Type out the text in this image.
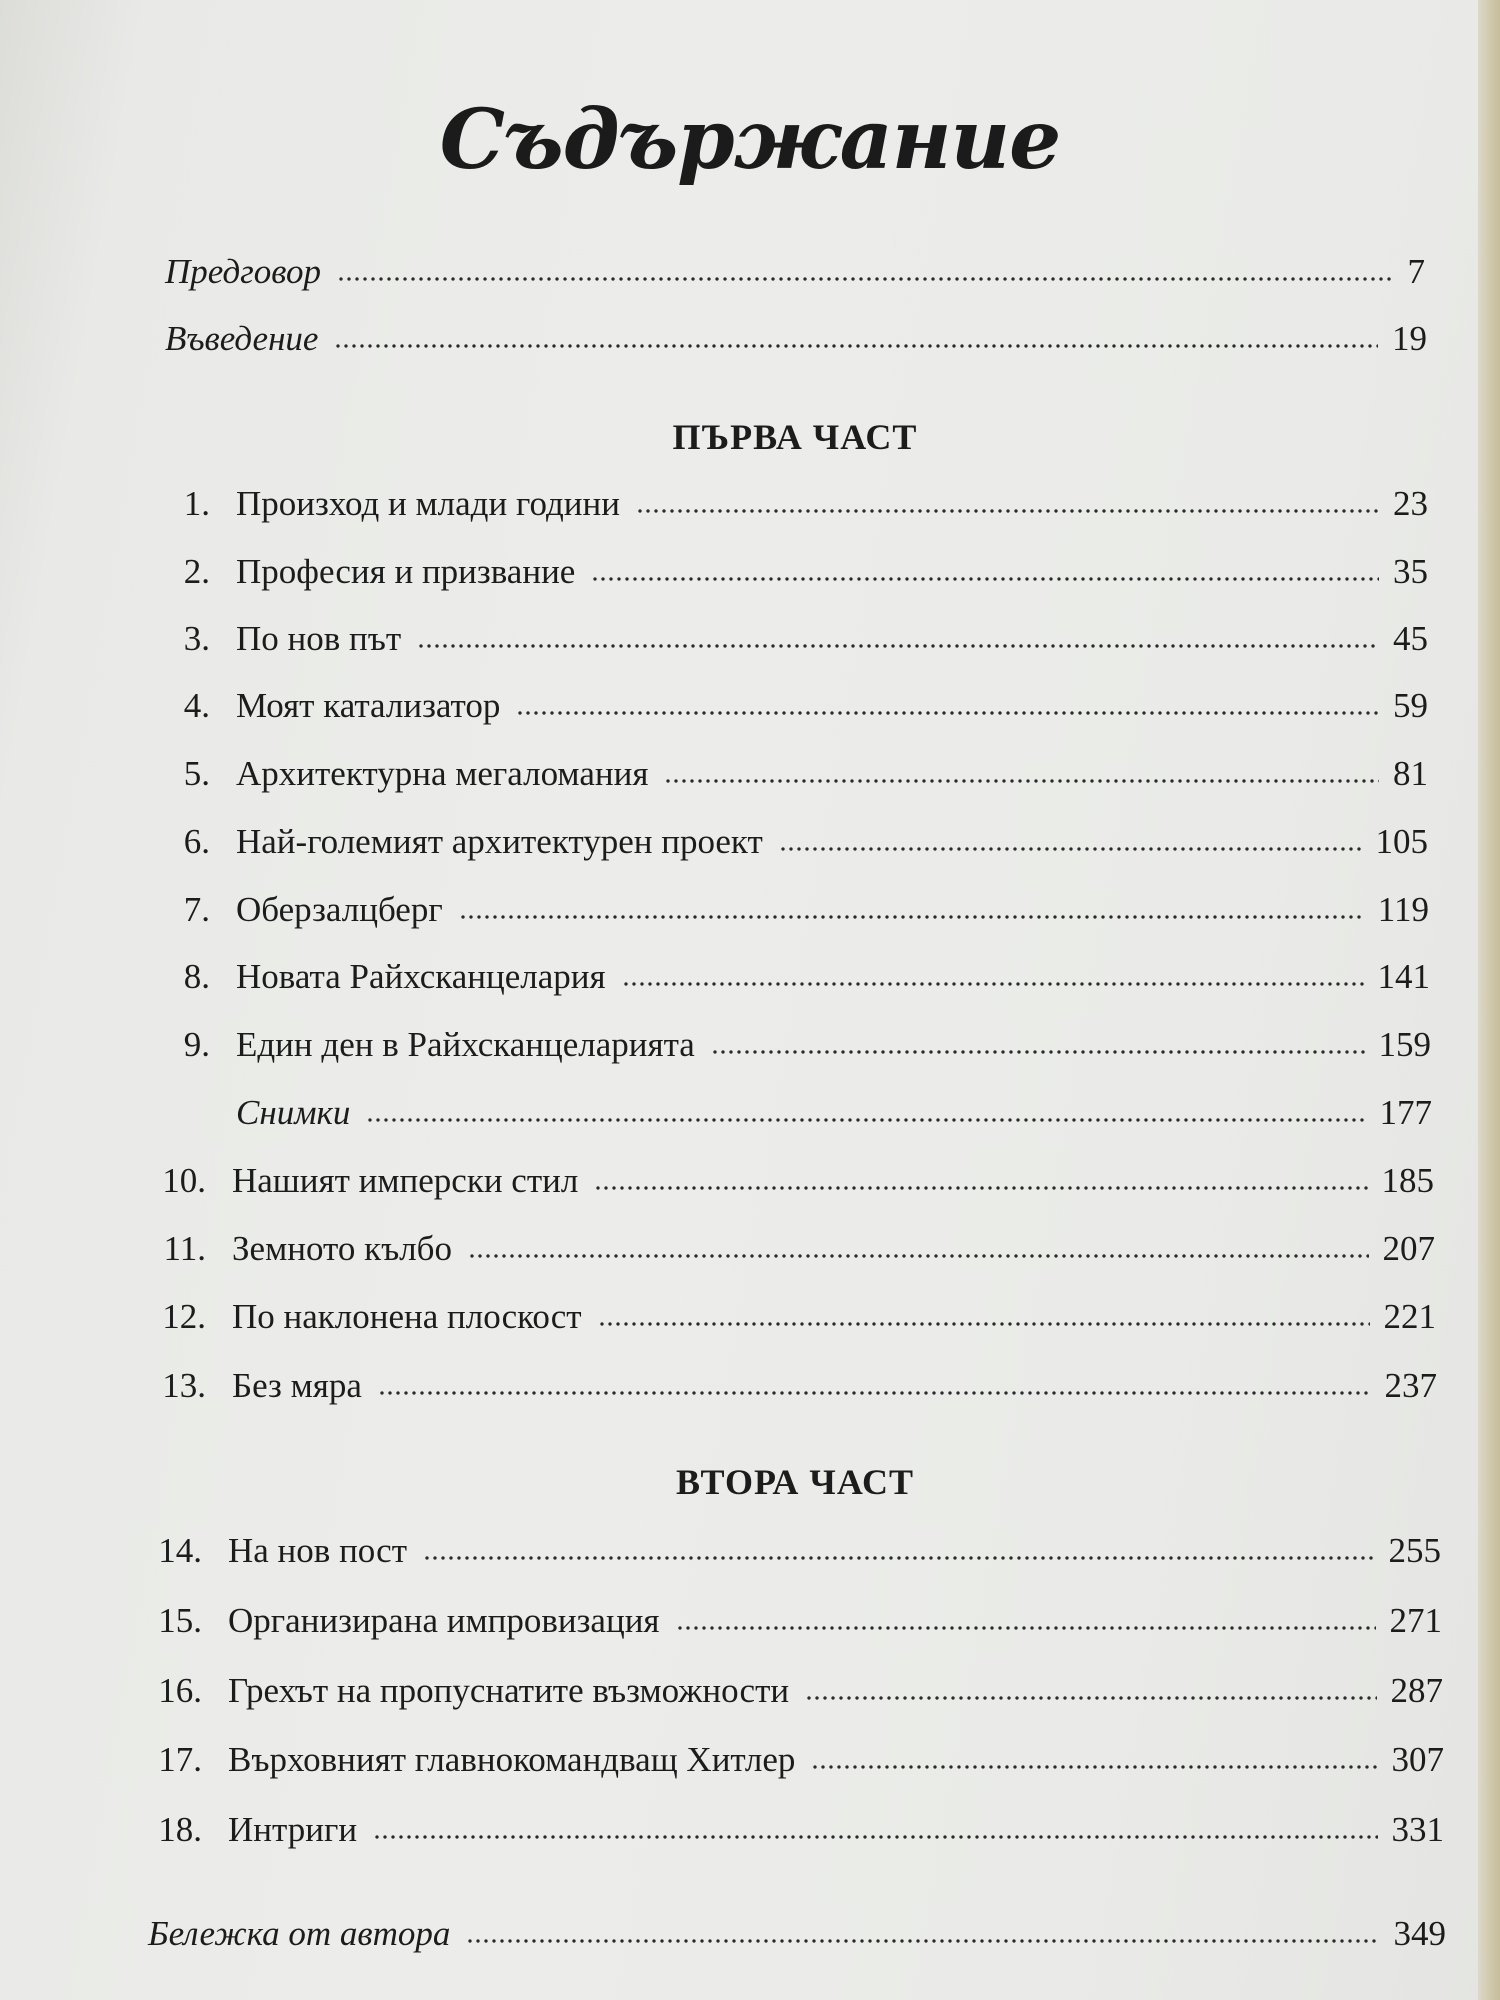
Съдържание
Предговор	7
Въведение	19
ПЪРВА ЧАСТ
1. Произход и млади години	23
2. Професия и призвание	35
3. По нов път	45
4. Моят катализатор	59
5. Архитектурна мегаломания	81
6. Най-големият архитектурен проект	105
7. Оберзалцберг	119
8. Новата Райхсканцелария	141
9. Един ден в Райхсканцеларията	159
Снимки	177
10. Нашият имперски стил	185
11. Земното кълбо	207
12. По наклонена плоскост	221
13. Без мяра	237
ВТОРА ЧАСТ
14. На нов пост	255
15. Организирана импровизация	271
16. Грехът на пропуснатите възможности	287
17. Върховният главнокомандващ Хитлер	307
18. Интриги	331
Бележка от автора	349
